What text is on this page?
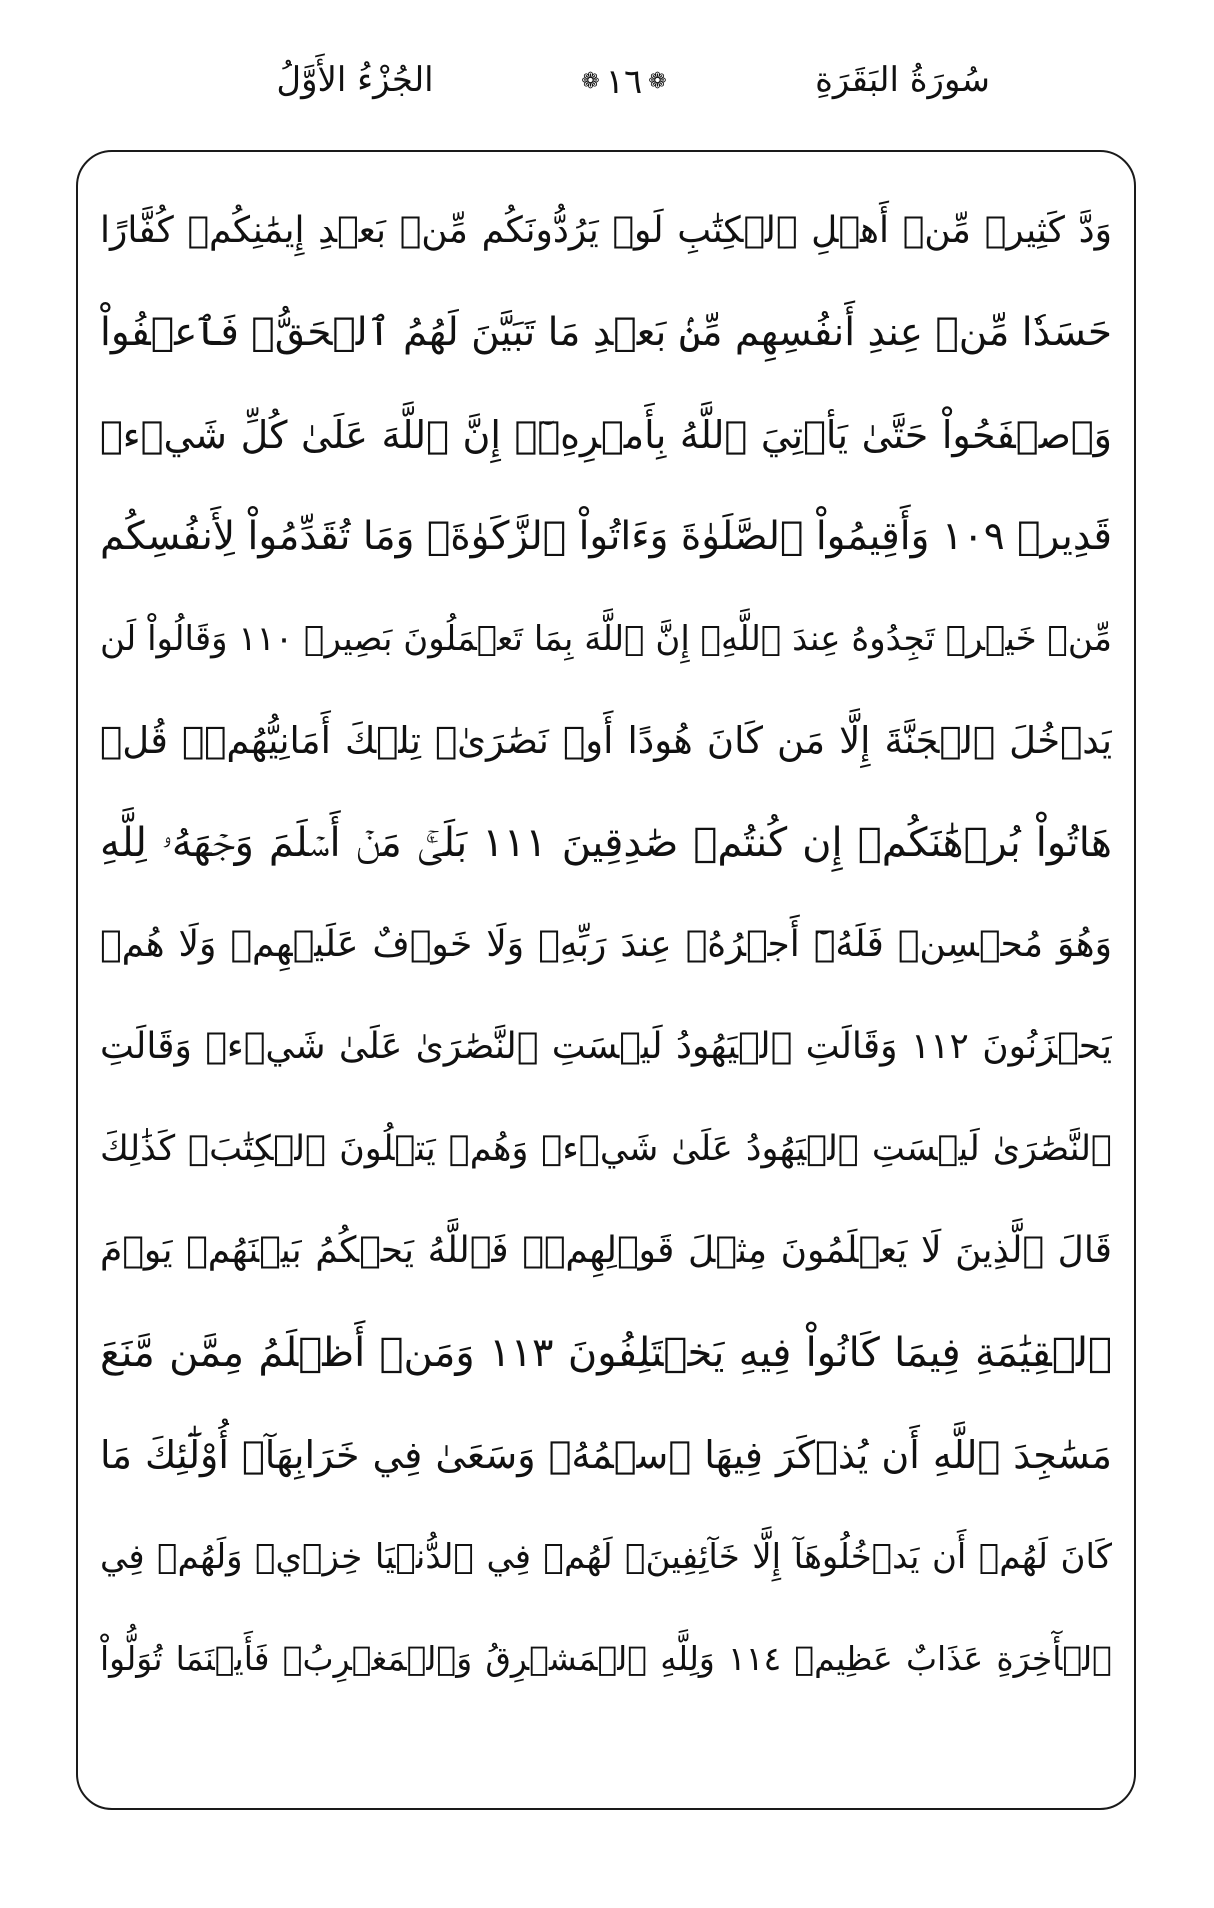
سُورَةُ البَقَرَةِ
❁ ١٦ ❁
الجُزْءُ الأَوَّلُ
وَدَّ كَثِيرٞ مِّنۡ أَهۡلِ ٱلۡكِتَٰبِ لَوۡ يَرُدُّونَكُم مِّنۢ بَعۡدِ إِيمَٰنِكُمۡ كُفَّارًا
حَسَدٗا مِّنۡ عِندِ أَنفُسِهِم مِّنۢ بَعۡدِ مَا تَبَيَّنَ لَهُمُ ٱلۡحَقُّۖ فَٱعۡفُواْ
وَٱصۡفَحُواْ حَتَّىٰ يَأۡتِيَ ٱللَّهُ بِأَمۡرِهِۦٓۗ إِنَّ ٱللَّهَ عَلَىٰ كُلِّ شَيۡءٖ
قَدِيرٞ ١٠٩ وَأَقِيمُواْ ٱلصَّلَوٰةَ وَءَاتُواْ ٱلزَّكَوٰةَۚ وَمَا تُقَدِّمُواْ لِأَنفُسِكُم
مِّنۡ خَيۡرٖ تَجِدُوهُ عِندَ ٱللَّهِۗ إِنَّ ٱللَّهَ بِمَا تَعۡمَلُونَ بَصِيرٞ ١١٠ وَقَالُواْ لَن
يَدۡخُلَ ٱلۡجَنَّةَ إِلَّا مَن كَانَ هُودًا أَوۡ نَصَٰرَىٰۗ تِلۡكَ أَمَانِيُّهُمۡۗ قُلۡ
هَاتُواْ بُرۡهَٰنَكُمۡ إِن كُنتُمۡ صَٰدِقِينَ ١١١ بَلَىٰۚ مَنۡ أَسۡلَمَ وَجۡهَهُۥ لِلَّهِ
وَهُوَ مُحۡسِنٞ فَلَهُۥٓ أَجۡرُهُۥ عِندَ رَبِّهِۦ وَلَا خَوۡفٌ عَلَيۡهِمۡ وَلَا هُمۡ
يَحۡزَنُونَ ١١٢ وَقَالَتِ ٱلۡيَهُودُ لَيۡسَتِ ٱلنَّصَٰرَىٰ عَلَىٰ شَيۡءٖ وَقَالَتِ
ٱلنَّصَٰرَىٰ لَيۡسَتِ ٱلۡيَهُودُ عَلَىٰ شَيۡءٖ وَهُمۡ يَتۡلُونَ ٱلۡكِتَٰبَۗ كَذَٰلِكَ
قَالَ ٱلَّذِينَ لَا يَعۡلَمُونَ مِثۡلَ قَوۡلِهِمۡۚ فَٱللَّهُ يَحۡكُمُ بَيۡنَهُمۡ يَوۡمَ
ٱلۡقِيَٰمَةِ فِيمَا كَانُواْ فِيهِ يَخۡتَلِفُونَ ١١٣ وَمَنۡ أَظۡلَمُ مِمَّن مَّنَعَ
مَسَٰجِدَ ٱللَّهِ أَن يُذۡكَرَ فِيهَا ٱسۡمُهُۥ وَسَعَىٰ فِي خَرَابِهَآۚ أُوْلَٰٓئِكَ مَا
كَانَ لَهُمۡ أَن يَدۡخُلُوهَآ إِلَّا خَآئِفِينَۚ لَهُمۡ فِي ٱلدُّنۡيَا خِزۡيٞ وَلَهُمۡ فِي
ٱلۡأٓخِرَةِ عَذَابٌ عَظِيمٞ ١١٤ وَلِلَّهِ ٱلۡمَشۡرِقُ وَٱلۡمَغۡرِبُۚ فَأَيۡنَمَا تُوَلُّواْ
